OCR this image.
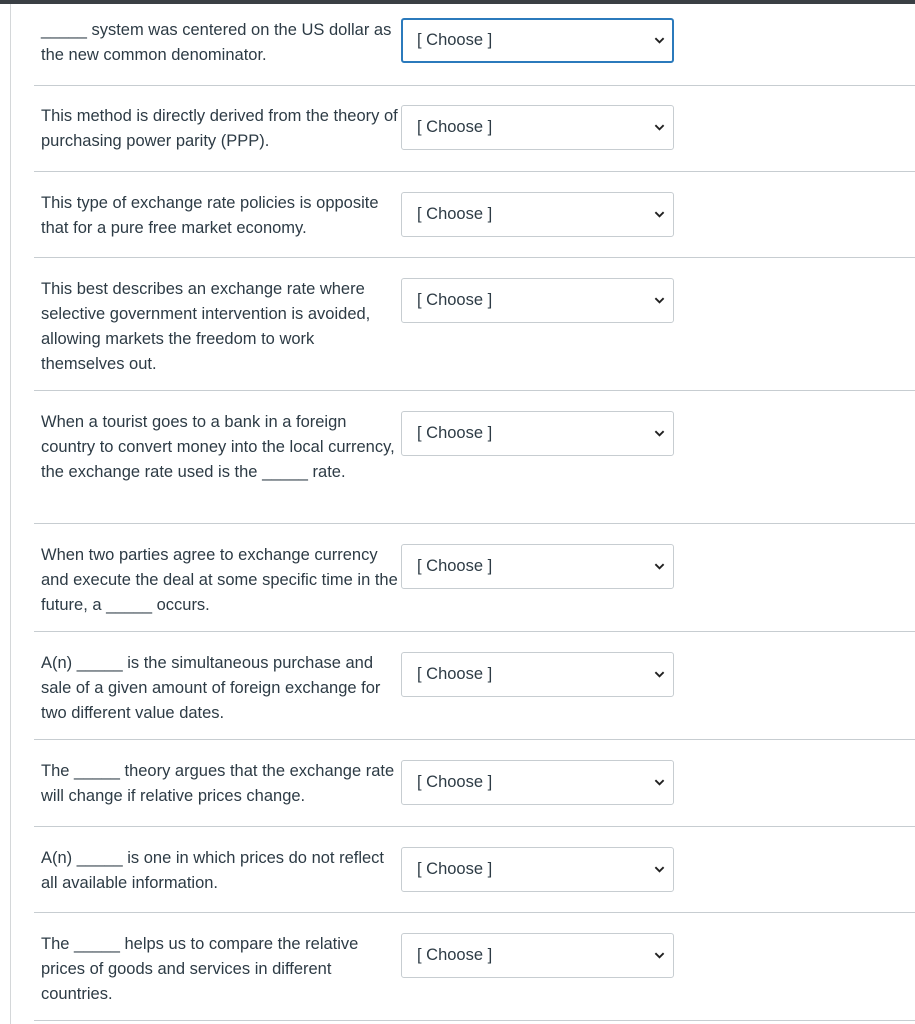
_____ system was centered on the US dollar as the new common denominator.
[ Choose ]
This method is directly derived from the theory of purchasing power parity (PPP).
[ Choose ]
This type of exchange rate policies is opposite that for a pure free market economy.
[ Choose ]
This best describes an exchange rate where selective government intervention is avoided, allowing markets the freedom to work themselves out.
[ Choose ]
When a tourist goes to a bank in a foreign country to convert money into the local currency, the exchange rate used is the _____ rate.
[ Choose ]
When two parties agree to exchange currency and execute the deal at some specific time in the future, a _____ occurs.
[ Choose ]
A(n) _____ is the simultaneous purchase and sale of a given amount of foreign exchange for two different value dates.
[ Choose ]
The _____ theory argues that the exchange rate will change if relative prices change.
[ Choose ]
A(n) _____ is one in which prices do not reflect all available information.
[ Choose ]
The _____ helps us to compare the relative prices of goods and services in different countries.
[ Choose ]
